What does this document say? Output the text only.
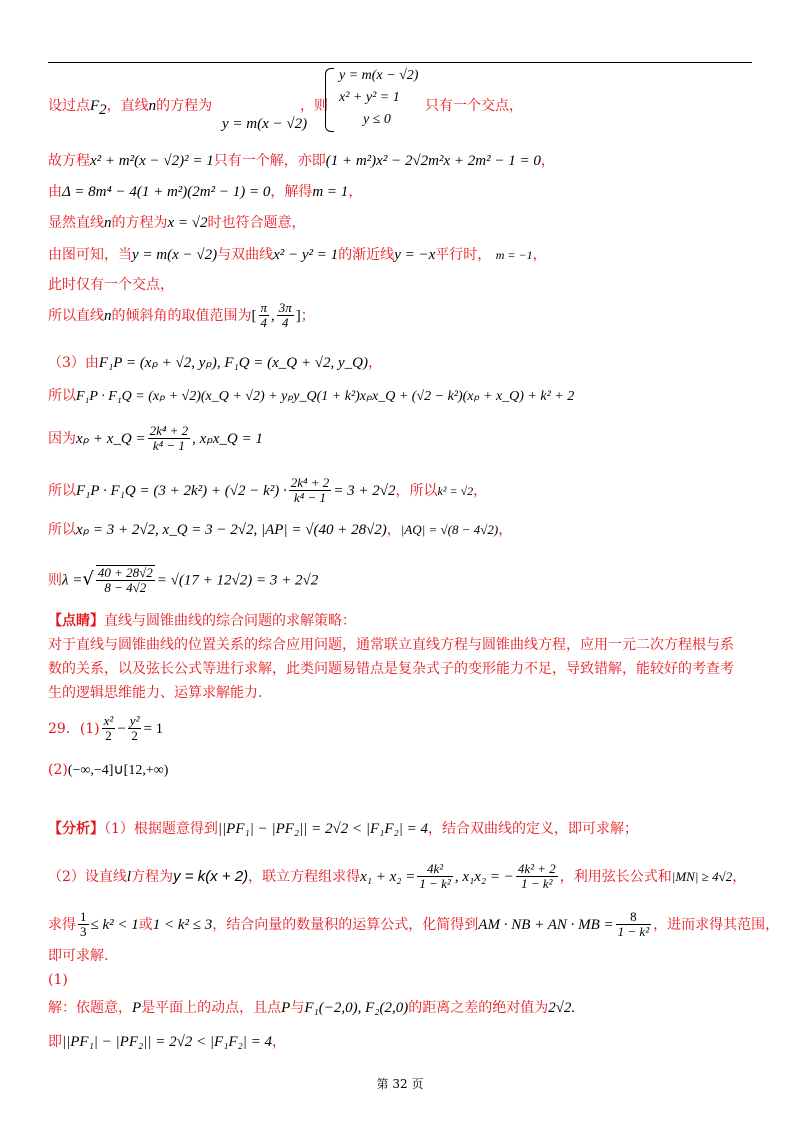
设过点$F_2$，直线n的方程为	，则
y = m(x − √2)
y = m(x − √2)
x² + y² = 1
y ≤ 0
只有一个交点，
故方程x² + m²(x − √2)² = 1只有一个解，亦即(1 + m²)x² − 2√2m²x + 2m² − 1 = 0，
由Δ = 8m⁴ − 4(1 + m²)(2m² − 1) = 0，解得m = 1，
显然直线n的方程为x = √2时也符合题意，
由图可知，当y = m(x − √2)与双曲线x² − y² = 1的渐近线y = −x平行时， m = −1，
此时仅有一个交点，
所以直线n的倾斜角的取值范围为[ $\frac{\pi}{4}$ , $\frac{3\pi}{4}$ ]；
（3）由F₁P = (xₚ + √2, yₚ), F₁Q = (x_Q + √2, y_Q)，
所以F₁P · F₁Q = (xₚ + √2)(x_Q + √2) + yₚy_Q(1 + k²)xₚx_Q + (√2 − k²)(xₚ + x_Q) + k² + 2
因为xₚ + x_Q = $\frac{\text{2k⁴ + 2}}{\text{k⁴ − 1}}$ , xₚx_Q = 1
所以$F_1P \cdot F_1Q = (3 + 2k^2) + (√2 - k^2) \cdot \frac{\text{2k⁴ + 2}}{\text{k⁴ − 1}} = 3 + 2√2$，所以k² = √2，
所以xₚ = 3 + 2√2, x_Q = 3 − 2√2, |AP| = √(40 + 28√2)，|AQ| = √(8 − 4√2)，
则λ =√ $\frac{40 + 28√2}{8 - 4√2} = √(17 + 12√2) = 3 + 2√2$
【点睛】直线与圆锥曲线的综合问题的求解策略：
对于直线与圆锥曲线的位置关系的综合应用问题，通常联立直线方程与圆锥曲线方程，应用一元二次方程根与系
数的关系，以及弦长公式等进行求解，此类问题易错点是复杂式子的变形能力不足，导致错解，能较好的考查考
生的逻辑思维能力、运算求解能力.
29．$(1) \frac{\text{x²}}{2} - \frac{\text{y²}}{2} = 1$
(2)(−∞,−4]∪[12,+∞)
【分析】（1）根据题意得到||PF₁| − |PF₂|| = 2√2 < |F₁F₂| = 4，结合双曲线的定义，即可求解；
（2）设直线l方程为y = k(x + 2)，联立方程组求得$x_1 + x_2 = \frac{\text{4k²}}{\text{1 − k²}}$ , x₁x₂ = − $\frac{\text{4k² + 2}}{\text{1 − k²}}$ ，利用弦长公式和|MN| ≥ 4√2，
求得 $\frac{1}{3} \le k^2 < 1$或1 < k² ≤ 3，结合向量的数量积的运算公式，化简得到AM · NB + AN · MB = $\frac{8}{\text{1 − k²}}$ ，进而求得其范围，
即可求解.
(1)
解：依题意，P是平面上的动点，且点P与F₁(−2,0), F₂(2,0)的距离之差的绝对值为2√2.
即||PF₁| − |PF₂|| = 2√2 < |F₁F₂| = 4，
第 32 页
